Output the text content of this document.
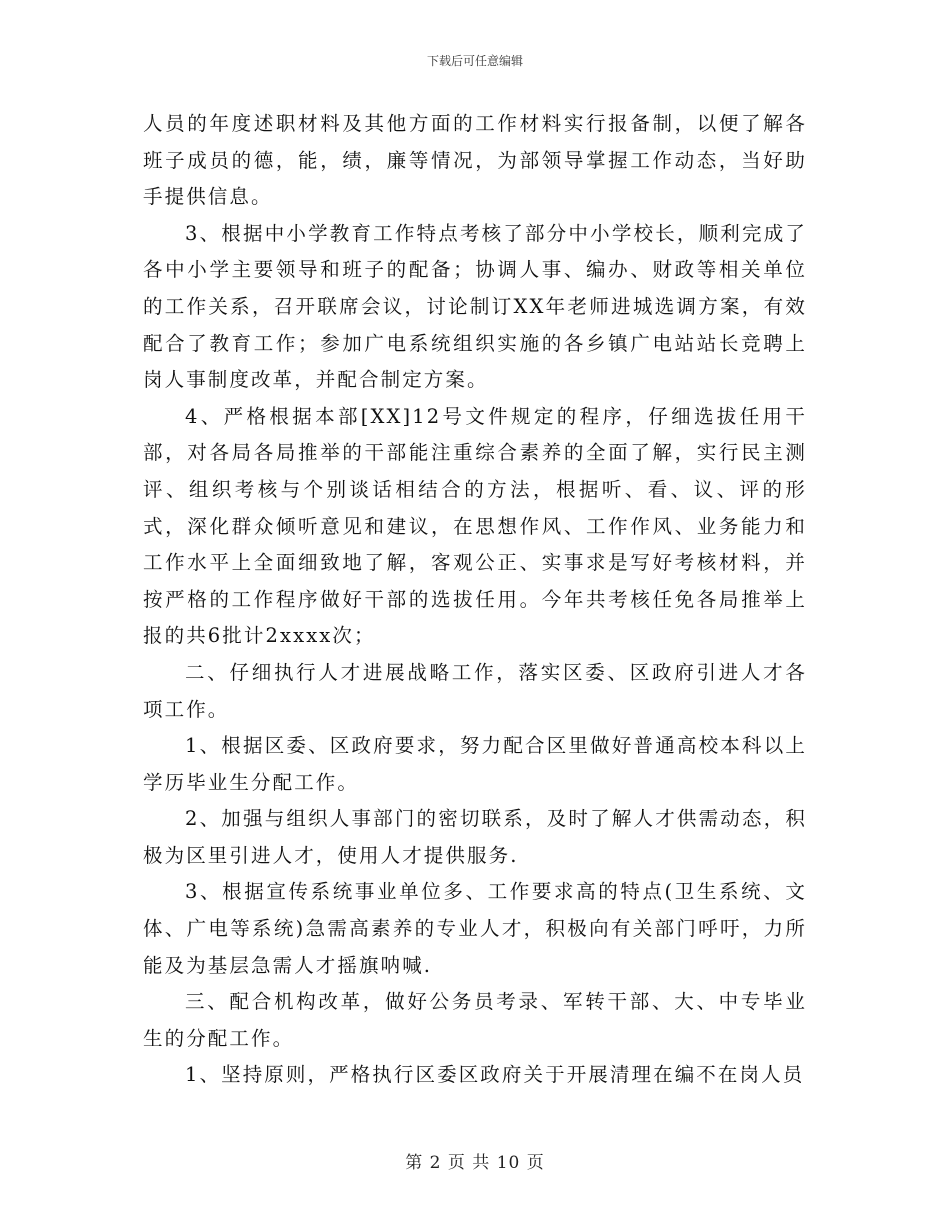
下载后可任意编辑

人员的年度述职材料及其他方面的工作材料实行报备制，以便了解各班子成员的德，能，绩，廉等情况，为部领导掌握工作动态，当好助手提供信息。

3、根据中小学教育工作特点考核了部分中小学校长，顺利完成了各中小学主要领导和班子的配备；协调人事、编办、财政等相关单位的工作关系，召开联席会议，讨论制订XX年老师进城选调方案，有效配合了教育工作；参加广电系统组织实施的各乡镇广电站站长竞聘上岗人事制度改革，并配合制定方案。

4、严格根据本部[XX]12号文件规定的程序，仔细选拔任用干部，对各局各局推举的干部能注重综合素养的全面了解，实行民主测评、组织考核与个别谈话相结合的方法，根据听、看、议、评的形式，深化群众倾听意见和建议，在思想作风、工作作风、业务能力和工作水平上全面细致地了解，客观公正、实事求是写好考核材料，并按严格的工作程序做好干部的选拔任用。今年共考核任免各局推举上报的共6批计2xxxx次；

二、仔细执行人才进展战略工作，落实区委、区政府引进人才各项工作。

1、根据区委、区政府要求，努力配合区里做好普通高校本科以上学历毕业生分配工作。

2、加强与组织人事部门的密切联系，及时了解人才供需动态，积极为区里引进人才，使用人才提供服务.

3、根据宣传系统事业单位多、工作要求高的特点(卫生系统、文体、广电等系统)急需高素养的专业人才，积极向有关部门呼吁，力所能及为基层急需人才摇旗呐喊.

三、配合机构改革，做好公务员考录、军转干部、大、中专毕业生的分配工作。

1、坚持原则，严格执行区委区政府关于开展清理在编不在岗人员

第 2 页 共 10 页
